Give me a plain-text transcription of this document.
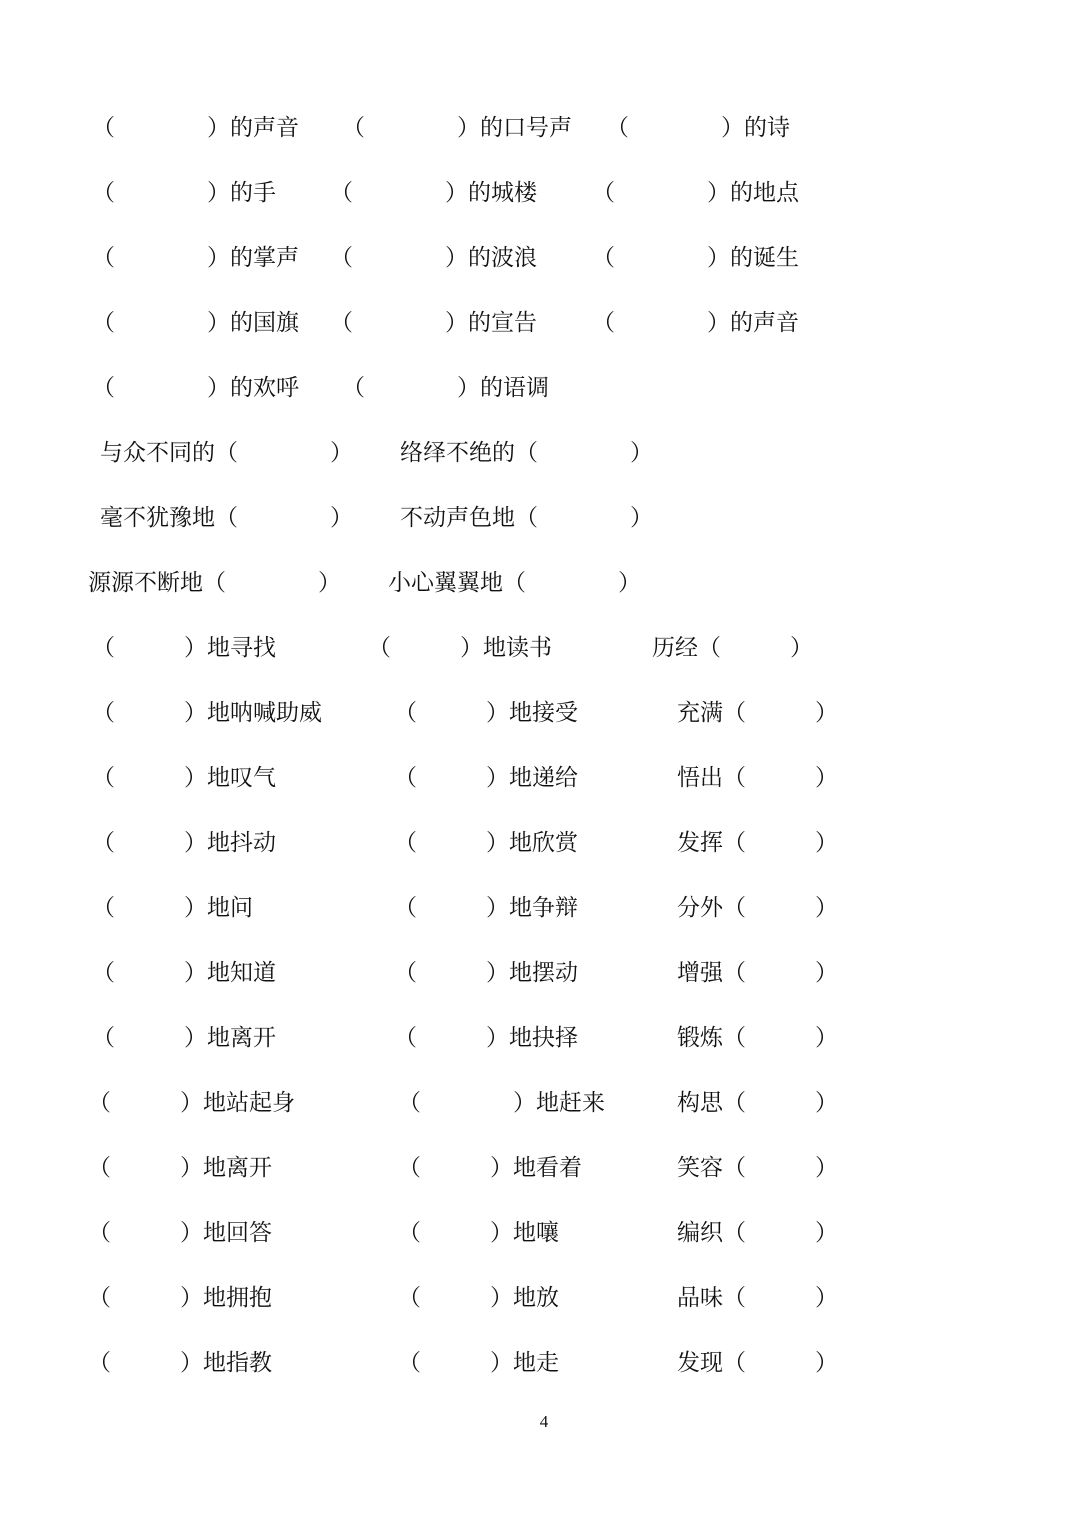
（　　　　）的声音 （　　　　）的口号声 （　　　　）的诗
（　　　　）的手 （　　　　）的城楼 （　　　　）的地点
（　　　　）的掌声 （　　　　）的波浪 （　　　　）的诞生
（　　　　）的国旗 （　　　　）的宣告 （　　　　）的声音
（　　　　）的欢呼 （　　　　）的语调
与众不同的（　　　　） 络绎不绝的（　　　　）
毫不犹豫地（　　　　） 不动声色地（　　　　）
源源不断地（　　　　） 小心翼翼地（　　　　）
（　　　）地寻找	（　　　）地读书	历经（　　　）
（　　　）地呐喊助威	（　　　）地接受	充满（　　　）
（　　　）地叹气	（　　　）地递给	悟出（　　　）
（　　　）地抖动	（　　　）地欣赏	发挥（　　　）
（　　　）地问	（　　　）地争辩	分外（　　　）
（　　　）地知道	（　　　）地摆动	增强（　　　）
（　　　）地离开	（　　　）地抉择	锻炼（　　　）
（　　　）地站起身	（　　　　）地赶来	构思（　　　）
（　　　）地离开	（　　　）地看着	笑容（　　　）
（　　　）地回答	（　　　）地嚷	编织（　　　）
（　　　）地拥抱	（　　　）地放	品味（　　　）
（　　　）地指教	（　　　）地走	发现（　　　）
4
